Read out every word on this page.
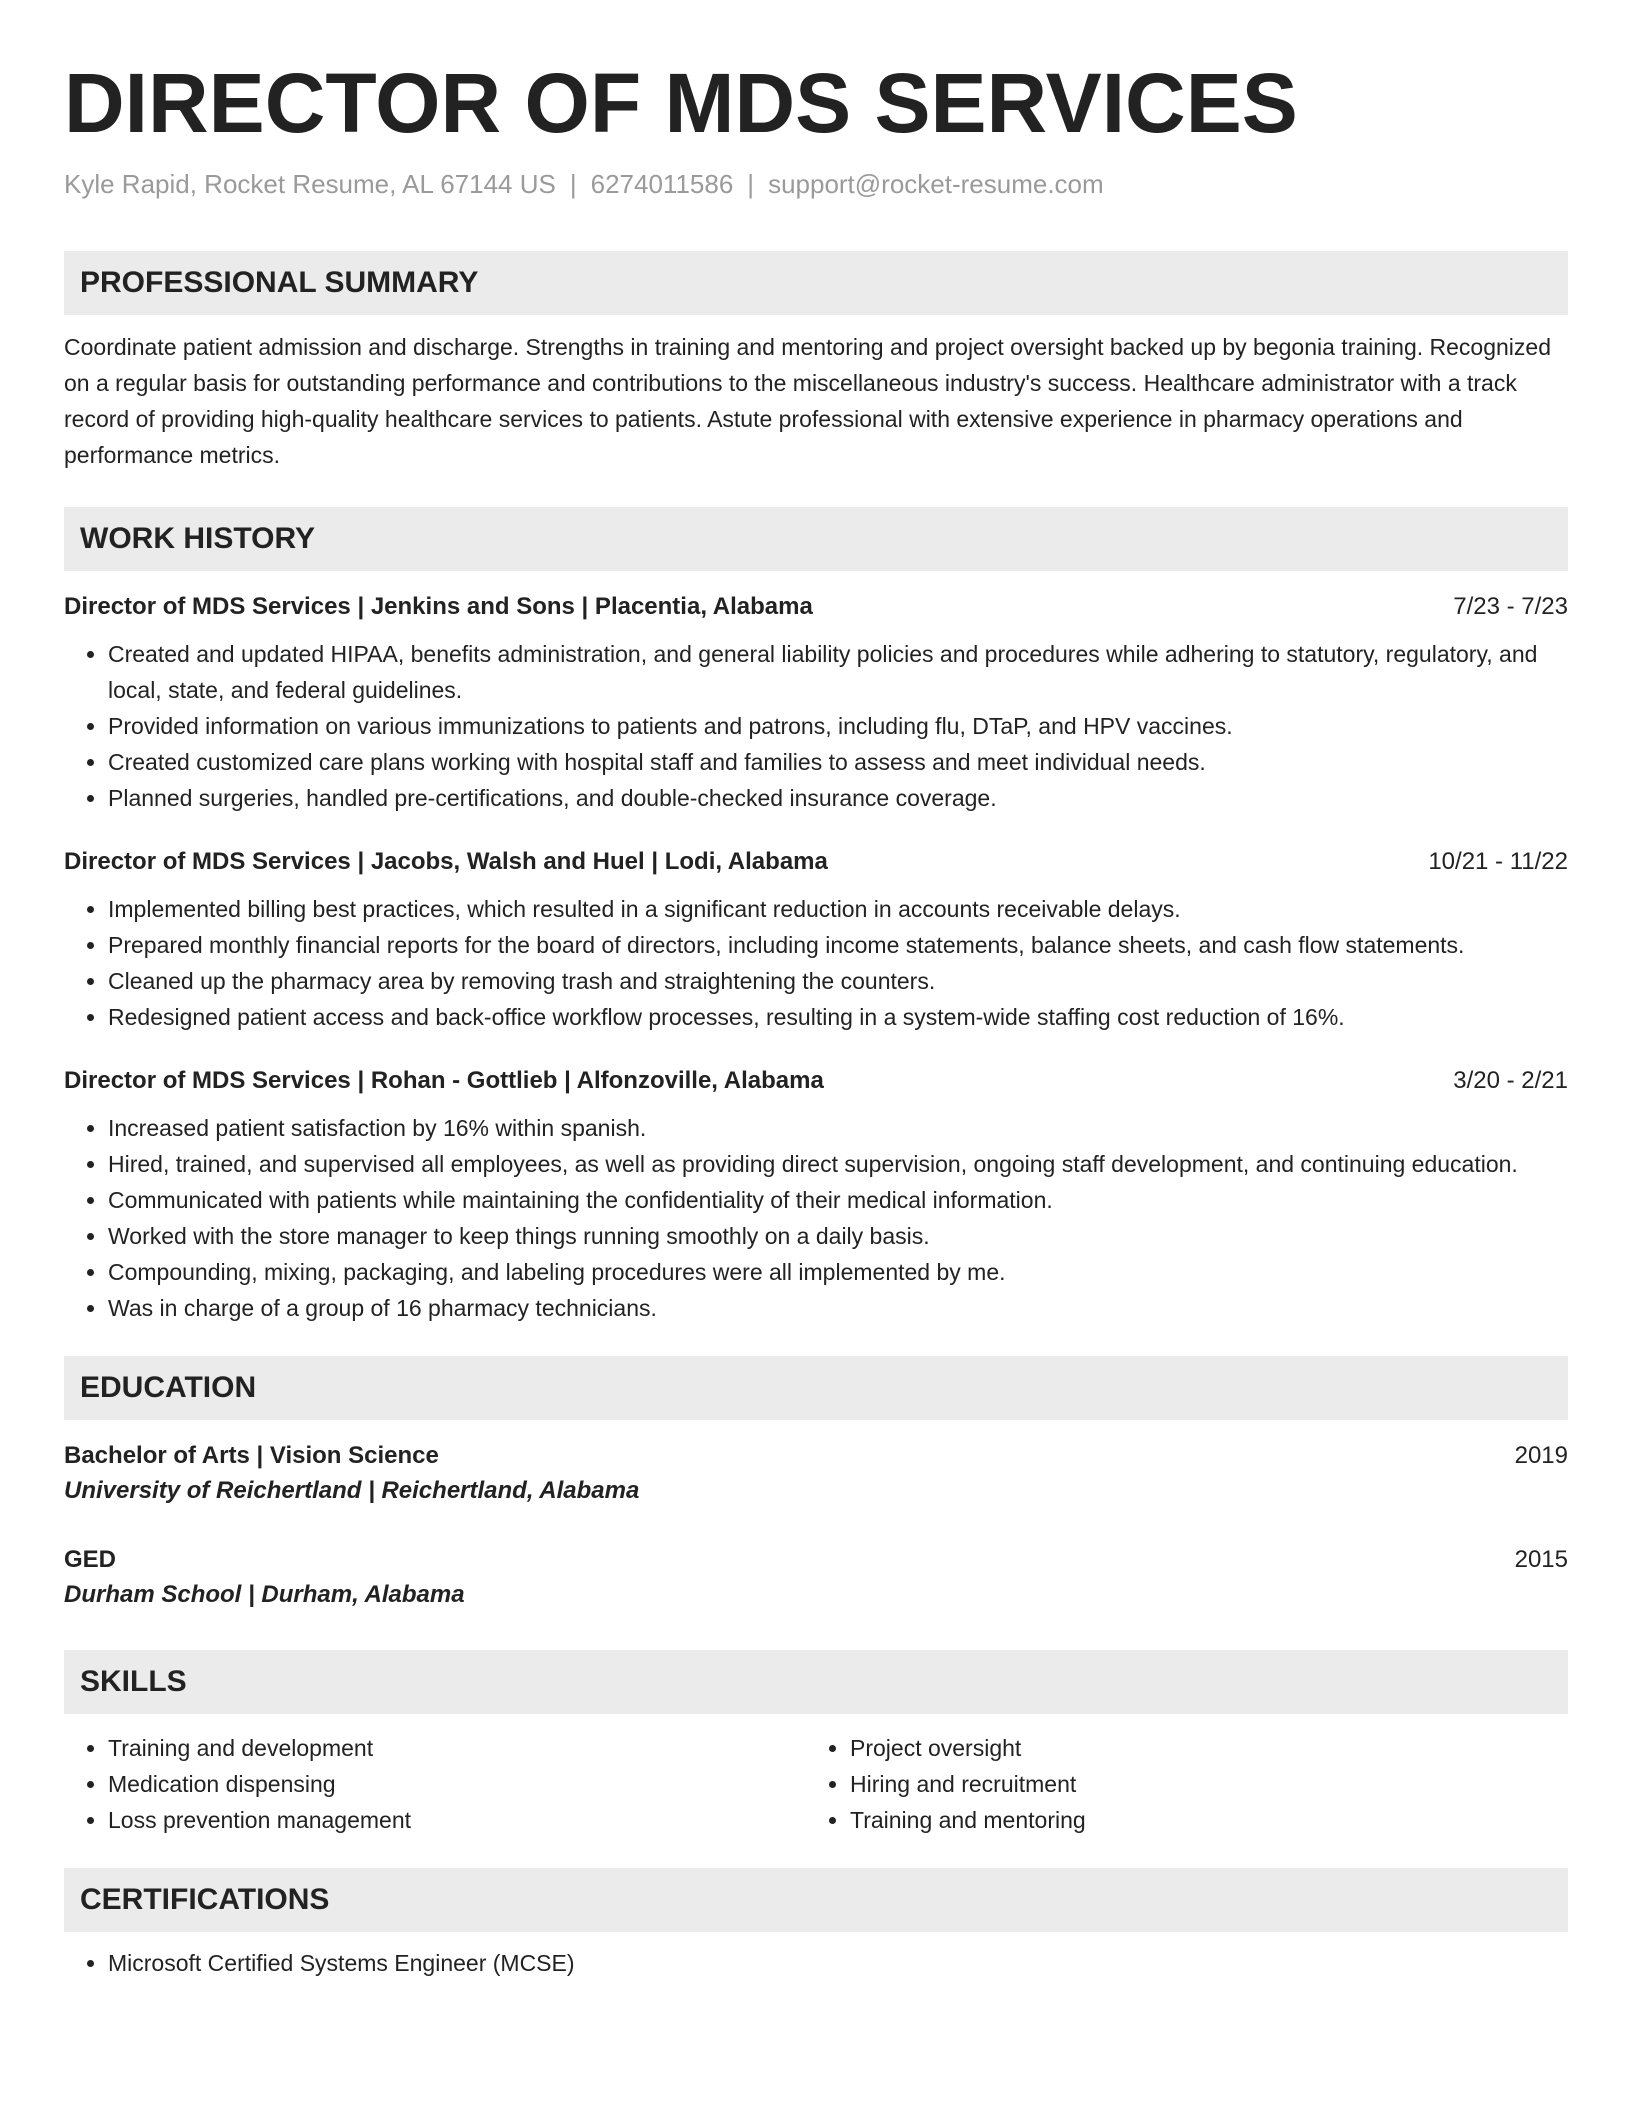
DIRECTOR OF MDS SERVICES
Kyle Rapid, Rocket Resume, AL 67144 US | 6274011586 | support@rocket-resume.com
PROFESSIONAL SUMMARY
Coordinate patient admission and discharge. Strengths in training and mentoring and project oversight backed up by begonia training. Recognized on a regular basis for outstanding performance and contributions to the miscellaneous industry's success. Healthcare administrator with a track record of providing high-quality healthcare services to patients. Astute professional with extensive experience in pharmacy operations and performance metrics.
WORK HISTORY
Director of MDS Services | Jenkins and Sons | Placentia, Alabama	7/23 - 7/23
• Created and updated HIPAA, benefits administration, and general liability policies and procedures while adhering to statutory, regulatory, and local, state, and federal guidelines.
• Provided information on various immunizations to patients and patrons, including flu, DTaP, and HPV vaccines.
• Created customized care plans working with hospital staff and families to assess and meet individual needs.
• Planned surgeries, handled pre-certifications, and double-checked insurance coverage.
Director of MDS Services | Jacobs, Walsh and Huel | Lodi, Alabama	10/21 - 11/22
• Implemented billing best practices, which resulted in a significant reduction in accounts receivable delays.
• Prepared monthly financial reports for the board of directors, including income statements, balance sheets, and cash flow statements.
• Cleaned up the pharmacy area by removing trash and straightening the counters.
• Redesigned patient access and back-office workflow processes, resulting in a system-wide staffing cost reduction of 16%.
Director of MDS Services | Rohan - Gottlieb | Alfonzoville, Alabama	3/20 - 2/21
• Increased patient satisfaction by 16% within spanish.
• Hired, trained, and supervised all employees, as well as providing direct supervision, ongoing staff development, and continuing education.
• Communicated with patients while maintaining the confidentiality of their medical information.
• Worked with the store manager to keep things running smoothly on a daily basis.
• Compounding, mixing, packaging, and labeling procedures were all implemented by me.
• Was in charge of a group of 16 pharmacy technicians.
EDUCATION
Bachelor of Arts | Vision Science	2019
University of Reichertland | Reichertland, Alabama
GED	2015
Durham School | Durham, Alabama
SKILLS
• Training and development
• Medication dispensing
• Loss prevention management
• Project oversight
• Hiring and recruitment
• Training and mentoring
CERTIFICATIONS
• Microsoft Certified Systems Engineer (MCSE)
